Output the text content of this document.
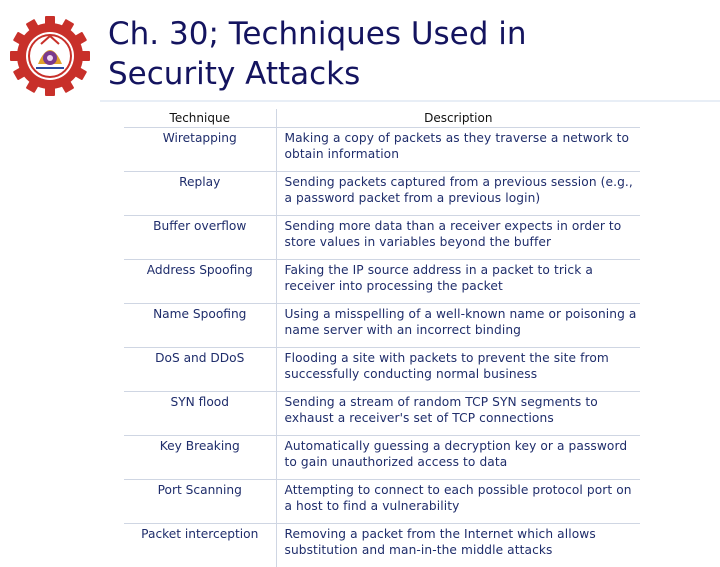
Ch. 30; Techniques Used in
Security Attacks
Technique	Description
Wiretapping	Making a copy of packets as they traverse a network to obtain information
Replay	Sending packets captured from a previous session (e.g., a password packet from a previous login)
Buffer overflow	Sending more data than a receiver expects in order to store values in variables beyond the buffer
Address Spoofing	Faking the IP source address in a packet to trick a receiver into processing the packet
Name Spoofing	Using a misspelling of a well-known name or poisoning a name server with an incorrect binding
DoS and DDoS	Flooding a site with packets to prevent the site from successfully conducting normal business
SYN flood	Sending a stream of random TCP SYN segments to exhaust a receiver's set of TCP connections
Key Breaking	Automatically guessing a decryption key or a password to gain unauthorized access to data
Port Scanning	Attempting to connect to each possible protocol port on a host to find a vulnerability
Packet interception	Removing a packet from the Internet which allows substitution and man-in-the middle attacks
